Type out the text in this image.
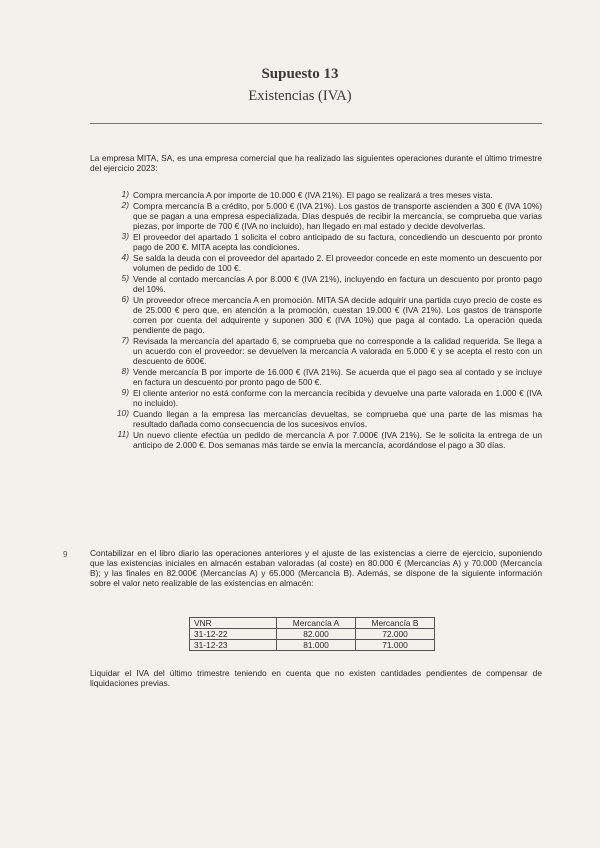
Supuesto 13
Existencias (IVA)

La empresa MITA, SA, es una empresa comercial que ha realizado las siguientes operaciones durante el último trimestre del ejercicio 2023:

1) Compra mercancía A por importe de 10.000 € (IVA 21%). El pago se realizará a tres meses vista.
2) Compra mercancía B a crédito, por 5.000 € (IVA 21%). Los gastos de transporte ascienden a 300 € (IVA 10%) que se pagan a una empresa especializada. Días después de recibir la mercancía, se comprueba que varias piezas, por importe de 700 € (IVA no incluido), han llegado en mal estado y decide devolverlas.
3) El proveedor del apartado 1 solicita el cobro anticipado de su factura, concediendo un descuento por pronto pago de 200 €. MITA acepta las condiciones.
4) Se salda la deuda con el proveedor del apartado 2. El proveedor concede en este momento un descuento por volumen de pedido de 100 €.
5) Vende al contado mercancías A por 8.000 € (IVA 21%), incluyendo en factura un descuento por pronto pago del 10%.
6) Un proveedor ofrece mercancía A en promoción. MITA SA decide adquirir una partida cuyo precio de coste es de 25.000 € pero que, en atención a la promoción, cuestan 19.000 € (IVA 21%). Los gastos de transporte corren por cuenta del adquirente y suponen 300 € (IVA 10%) que paga al contado. La operación queda pendiente de pago.
7) Revisada la mercancía del apartado 6, se comprueba que no corresponde a la calidad requerida. Se llega a un acuerdo con el proveedor: se devuelven la mercancía A valorada en 5.000 € y se acepta el resto con un descuento de 600€.
8) Vende mercancía B por importe de 16.000 € (IVA 21%). Se acuerda que el pago sea al contado y se incluye en factura un descuento por pronto pago de 500 €.
9) El cliente anterior no está conforme con la mercancía recibida y devuelve una parte valorada en 1.000 € (IVA no incluido).
10) Cuando llegan a la empresa las mercancías devueltas, se comprueba que una parte de las mismas ha resultado dañada como consecuencia de los sucesivos envíos.
11) Un nuevo cliente efectúa un pedido de mercancía A por 7.000€ (IVA 21%). Se le solicita la entrega de un anticipo de 2.000 €. Dos semanas más tarde se envía la mercancía, acordándose el pago a 30 días.
9	Contabilizar en el libro diario las operaciones anteriores y el ajuste de las existencias a cierre de ejercicio, suponiendo que las existencias iniciales en almacén estaban valoradas (al coste) en 80.000 € (Mercancías A) y 70.000 (Mercancía B); y las finales en 82.000€ (Mercancías A) y 65.000 (Mercancía B). Además, se dispone de la siguiente información sobre el valor neto realizable de las existencias en almacén:

VNR	Mercancía A	Mercancía B
31-12-22	82.000	72.000
31-12-23	81.000	71.000

Liquidar el IVA del último trimestre teniendo en cuenta que no existen cantidades pendientes de compensar de liquidaciones previas.
